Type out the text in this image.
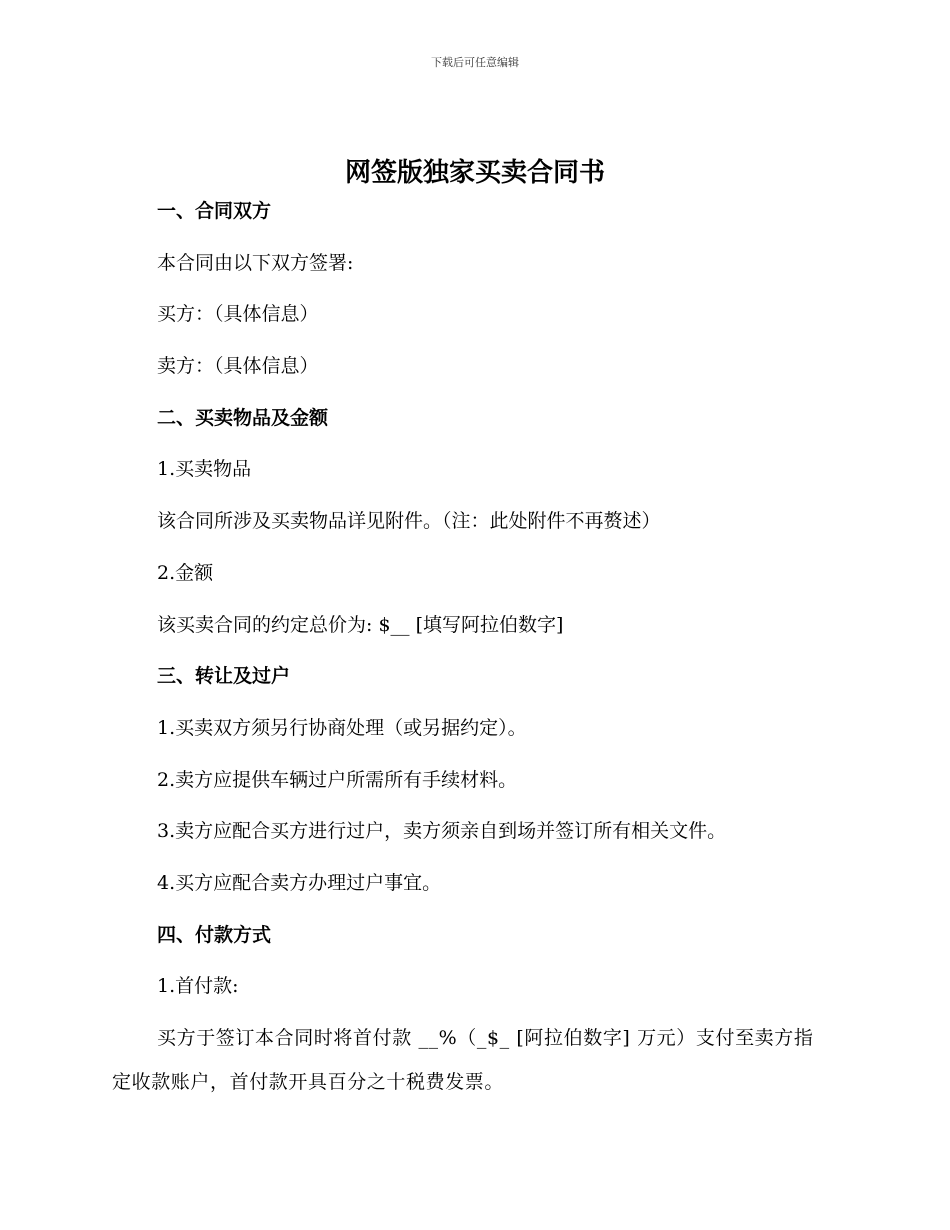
下载后可任意编辑
网签版独家买卖合同书
一、合同双方
本合同由以下双方签署:
买方：（具体信息）
卖方：（具体信息）
二、买卖物品及金额
1.买卖物品
该合同所涉及买卖物品详见附件。（注：此处附件不再赘述）
2.金额
该买卖合同的约定总价为: $__ [填写阿拉伯数字]
三、转让及过户
1.买卖双方须另行协商处理（或另据约定）。
2.卖方应提供车辆过户所需所有手续材料。
3.卖方应配合买方进行过户，卖方须亲自到场并签订所有相关文件。
4.买方应配合卖方办理过户事宜。
四、付款方式
1.首付款:
买方于签订本合同时将首付款 __%（_$_ [阿拉伯数字] 万元）支付至卖方指定收款账户，首付款开具百分之十税费发票。
